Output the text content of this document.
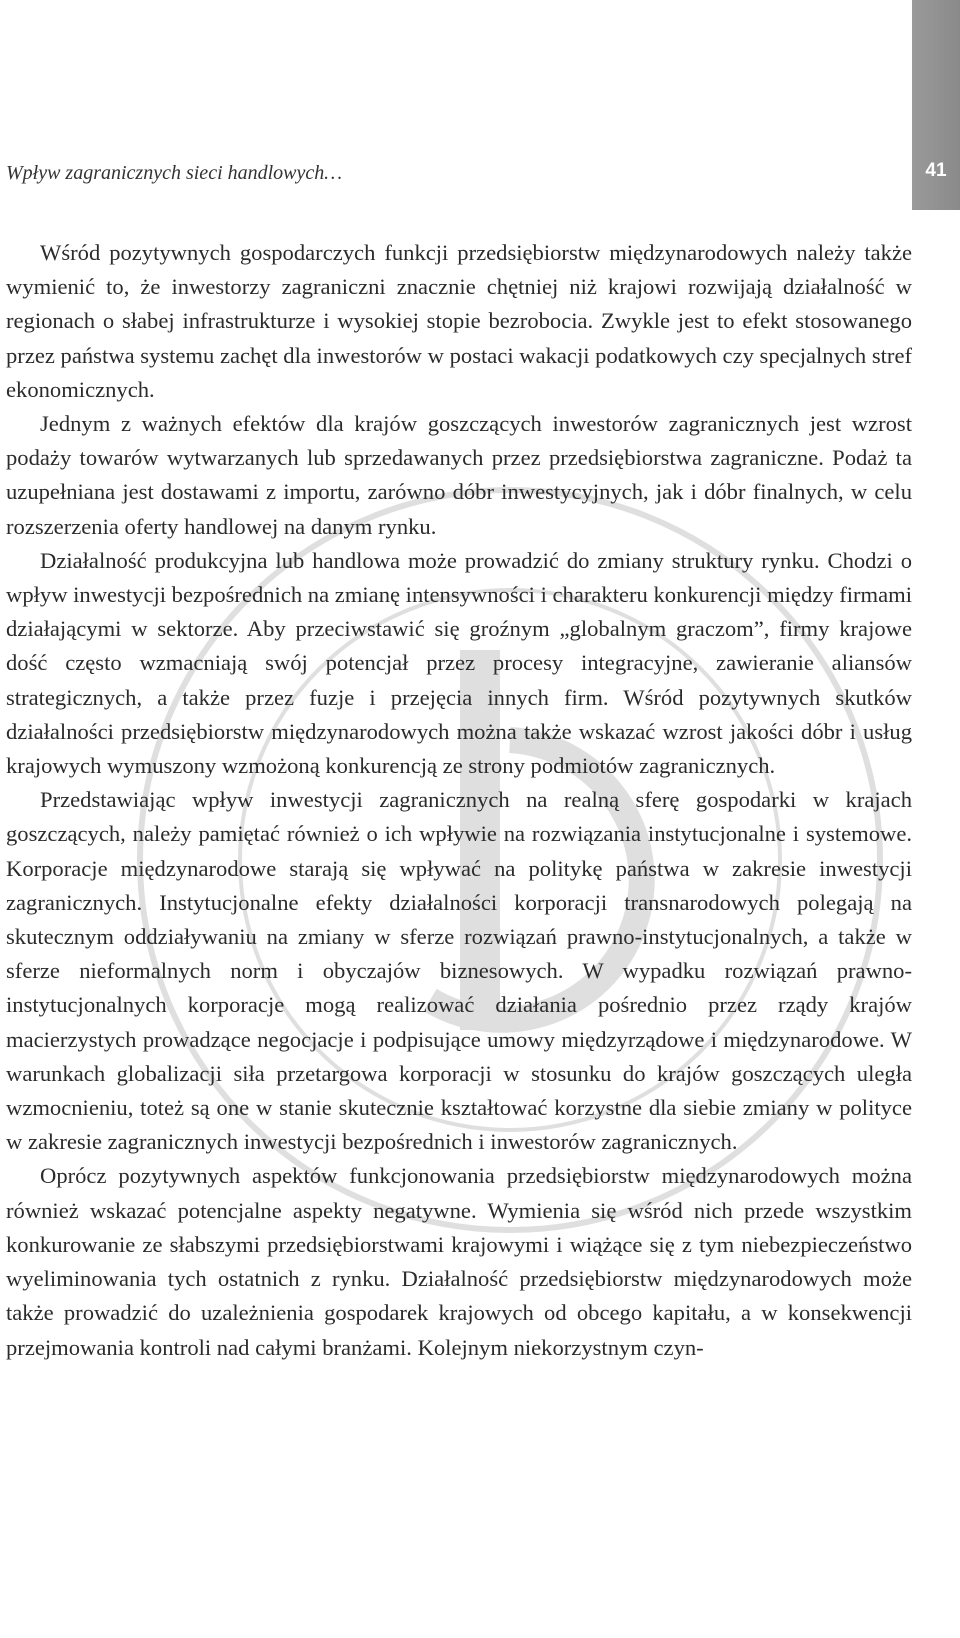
Wpływ zagranicznych sieci handlowych…	41

Wśród pozytywnych gospodarczych funkcji przedsiębiorstw międzynarodowych należy także wymienić to, że inwestorzy zagraniczni znacznie chętniej niż krajowi rozwijają działalność w regionach o słabej infrastrukturze i wysokiej stopie bezrobocia. Zwykle jest to efekt stosowanego przez państwa systemu zachęt dla inwestorów w postaci wakacji podatkowych czy specjalnych stref ekonomicznych.

Jednym z ważnych efektów dla krajów goszczących inwestorów zagranicznych jest wzrost podaży towarów wytwarzanych lub sprzedawanych przez przedsiębiorstwa zagraniczne. Podaż ta uzupełniana jest dostawami z importu, zarówno dóbr inwestycyjnych, jak i dóbr finalnych, w celu rozszerzenia oferty handlowej na danym rynku.

Działalność produkcyjna lub handlowa może prowadzić do zmiany struktury rynku. Chodzi o wpływ inwestycji bezpośrednich na zmianę intensywności i charakteru konkurencji między firmami działającymi w sektorze. Aby przeciwstawić się groźnym „globalnym graczom”, firmy krajowe dość często wzmacniają swój potencjał przez procesy integracyjne, zawieranie aliansów strategicznych, a także przez fuzje i przejęcia innych firm. Wśród pozytywnych skutków działalności przedsiębiorstw międzynarodowych można także wskazać wzrost jakości dóbr i usług krajowych wymuszony wzmożoną konkurencją ze strony podmiotów zagranicznych.

Przedstawiając wpływ inwestycji zagranicznych na realną sferę gospodarki w krajach goszczących, należy pamiętać również o ich wpływie na rozwiązania instytucjonalne i systemowe. Korporacje międzynarodowe starają się wpływać na politykę państwa w zakresie inwestycji zagranicznych. Instytucjonalne efekty działalności korporacji transnarodowych polegają na skutecznym oddziaływaniu na zmiany w sferze rozwiązań prawno-instytucjonalnych, a także w sferze nieformalnych norm i obyczajów biznesowych. W wypadku rozwiązań prawno-instytucjonalnych korporacje mogą realizować działania pośrednio przez rządy krajów macierzystych prowadzące negocjacje i podpisujące umowy międzyrządowe i międzynarodowe. W warunkach globalizacji siła przetargowa korporacji w stosunku do krajów goszczących uległa wzmocnieniu, toteż są one w stanie skutecznie kształtować korzystne dla siebie zmiany w polityce w zakresie zagranicznych inwestycji bezpośrednich i inwestorów zagranicznych.

Oprócz pozytywnych aspektów funkcjonowania przedsiębiorstw międzynarodowych można również wskazać potencjalne aspekty negatywne. Wymienia się wśród nich przede wszystkim konkurowanie ze słabszymi przedsiębiorstwami krajowymi i wiążące się z tym niebezpieczeństwo wyeliminowania tych ostatnich z rynku. Działalność przedsiębiorstw międzynarodowych może także prowadzić do uzależnienia gospodarek krajowych od obcego kapitału, a w konsekwencji przejmowania kontroli nad całymi branżami. Kolejnym niekorzystnym czyn-
